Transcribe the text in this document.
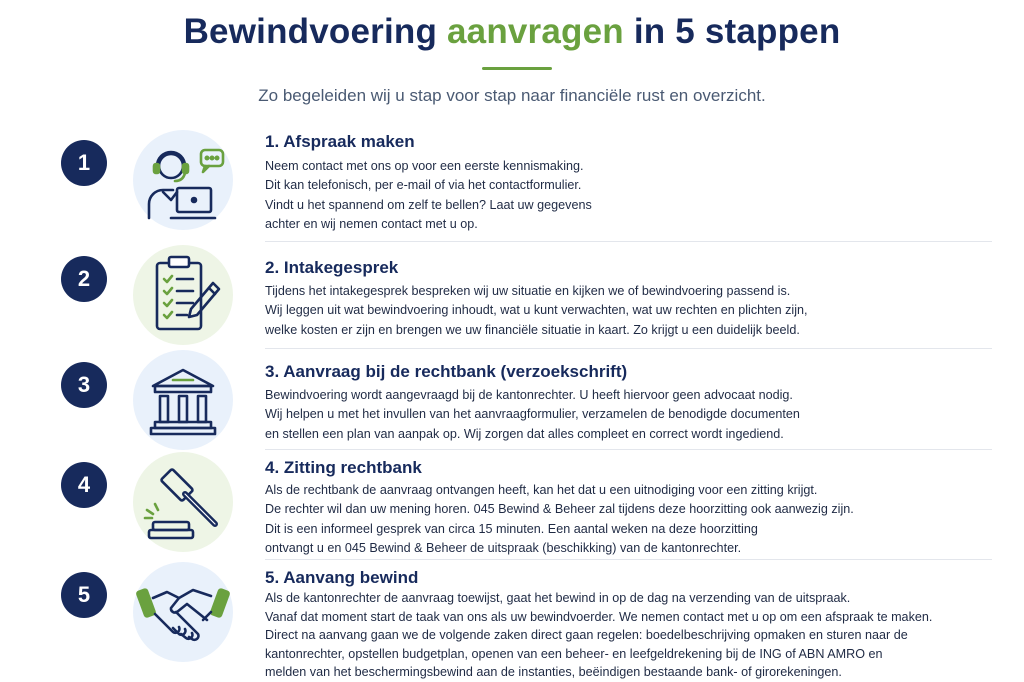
Bewindvoering aanvragen in 5 stappen
Zo begeleiden wij u stap voor stap naar financiële rust en overzicht.
1
1. Afspraak maken
Neem contact met ons op voor een eerste kennismaking.
Dit kan telefonisch, per e-mail of via het contactformulier.
Vindt u het spannend om zelf te bellen? Laat uw gegevens
achter en wij nemen contact met u op.
2	2. Intakegesprek
Tijdens het intakegesprek bespreken wij uw situatie en kijken we of bewindvoering passend is.
Wij leggen uit wat bewindvoering inhoudt, wat u kunt verwachten, wat uw rechten en plichten zijn,
welke kosten er zijn en brengen we uw financiële situatie in kaart. Zo krijgt u een duidelijk beeld.
3
3. Aanvraag bij de rechtbank (verzoekschrift)
Bewindvoering wordt aangevraagd bij de kantonrechter. U heeft hiervoor geen advocaat nodig.
Wij helpen u met het invullen van het aanvraagformulier, verzamelen de benodigde documenten
en stellen een plan van aanpak op. Wij zorgen dat alles compleet en correct wordt ingediend.
4
4. Zitting rechtbank
Als de rechtbank de aanvraag ontvangen heeft, kan het dat u een uitnodiging voor een zitting krijgt.
De rechter wil dan uw mening horen. 045 Bewind & Beheer zal tijdens deze hoorzitting ook aanwezig zijn.
Dit is een informeel gesprek van circa 15 minuten. Een aantal weken na deze hoorzitting
ontvangt u en 045 Bewind & Beheer de uitspraak (beschikking) van de kantonrechter.
5
5. Aanvang bewind
Als de kantonrechter de aanvraag toewijst, gaat het bewind in op de dag na verzending van de uitspraak.
Vanaf dat moment start de taak van ons als uw bewindvoerder. We nemen contact met u op om een afspraak te maken.
Direct na aanvang gaan we de volgende zaken direct gaan regelen: boedelbeschrijving opmaken en sturen naar de
kantonrechter, opstellen budgetplan, openen van een beheer- en leefgeldrekening bij de ING of ABN AMRO en
melden van het beschermingsbewind aan de instanties, beëindigen bestaande bank- of girorekeningen.
